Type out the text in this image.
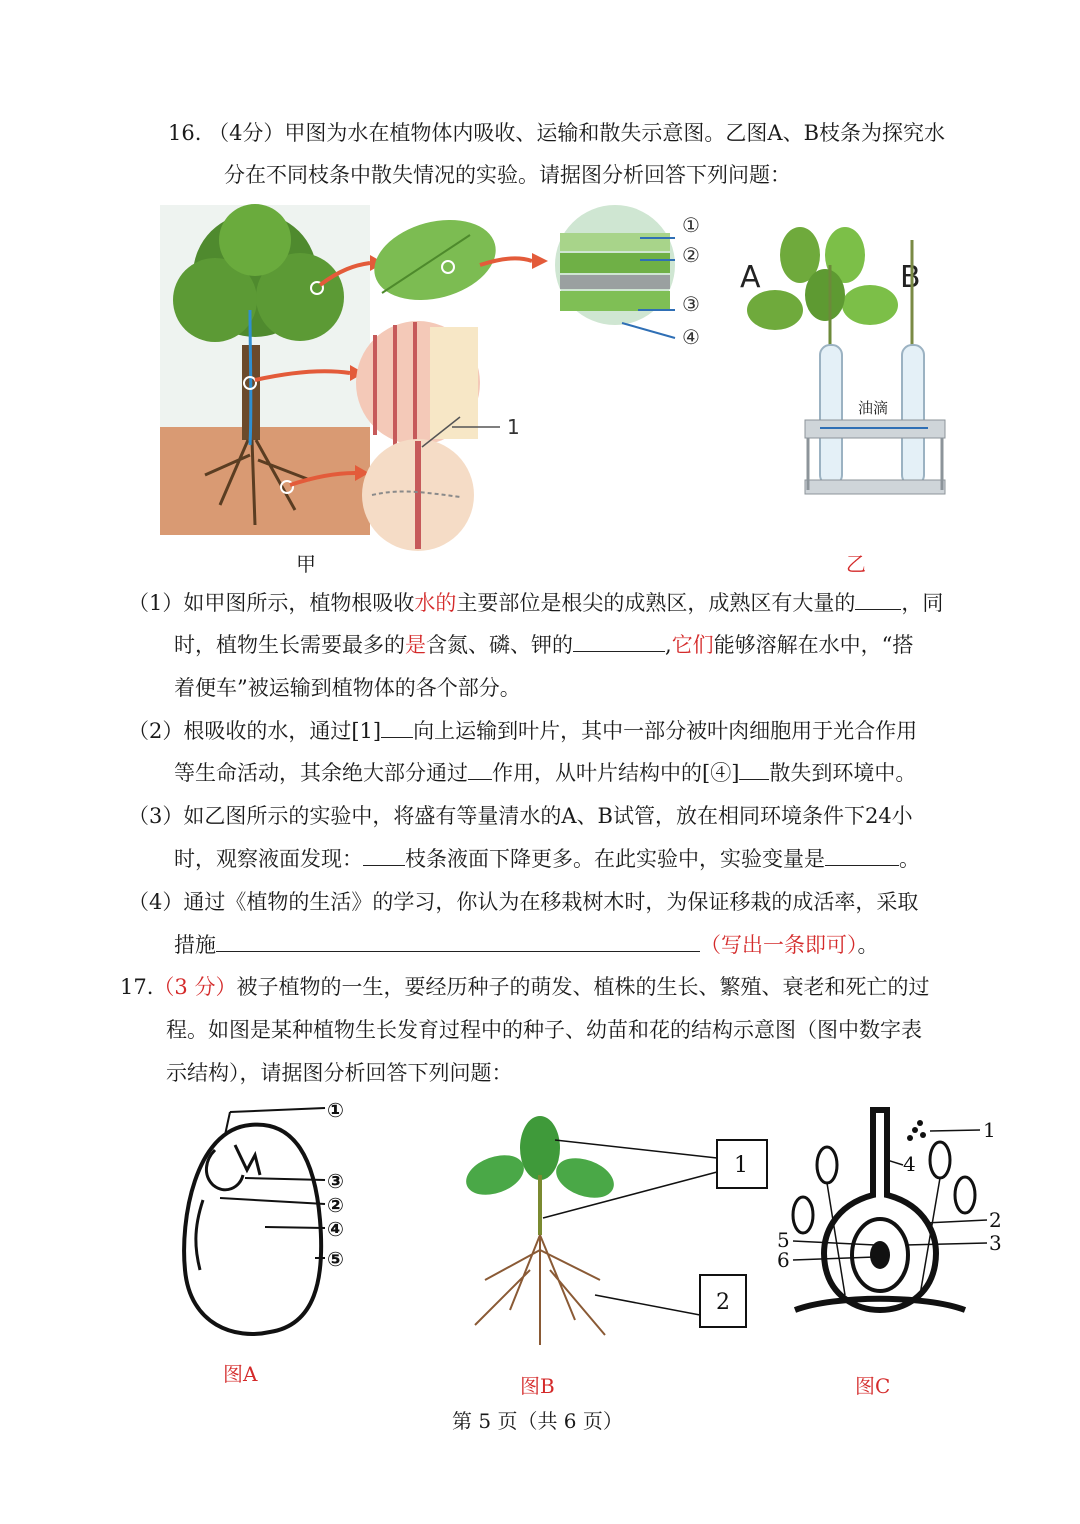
16. （4分）甲图为水在植物体内吸收、运输和散失示意图。乙图A、B枝条为探究水
分在不同枝条中散失情况的实验。请据图分析回答下列问题：
1
①
②
③
④
A	B
油滴
甲	乙
（1）如甲图所示，植物根吸收水的主要部位是根尖的成熟区，成熟区有大量的 ，同
时，植物生长需要最多的是含氮、磷、钾的	,它们能够溶解在水中，“搭
着便车”被运输到植物体的各个部分。
（2）根吸收的水，通过[1] 向上运输到叶片，其中一部分被叶肉细胞用于光合作用
等生命活动，其余绝大部分通过 作用，从叶片结构中的[④] 散失到环境中。
（3）如乙图所示的实验中，将盛有等量清水的A、B试管，放在相同环境条件下24小
时，观察液面发现： 枝条液面下降更多。在此实验中，实验变量是	。
（4）通过《植物的生活》的学习，你认为在移栽树木时，为保证移栽的成活率，采取
措施	（写出一条即可）。
17.（3 分）被子植物的一生，要经历种子的萌发、植株的生长、繁殖、衰老和死亡的过
程。如图是某种植物生长发育过程中的种子、幼苗和花的结构示意图（图中数字表
示结构），请据图分析回答下列问题：
①
③
②
④
⑤
1
2
1
4
2
5	3
6
图A	图B	图C
第 5 页（共 6 页）
